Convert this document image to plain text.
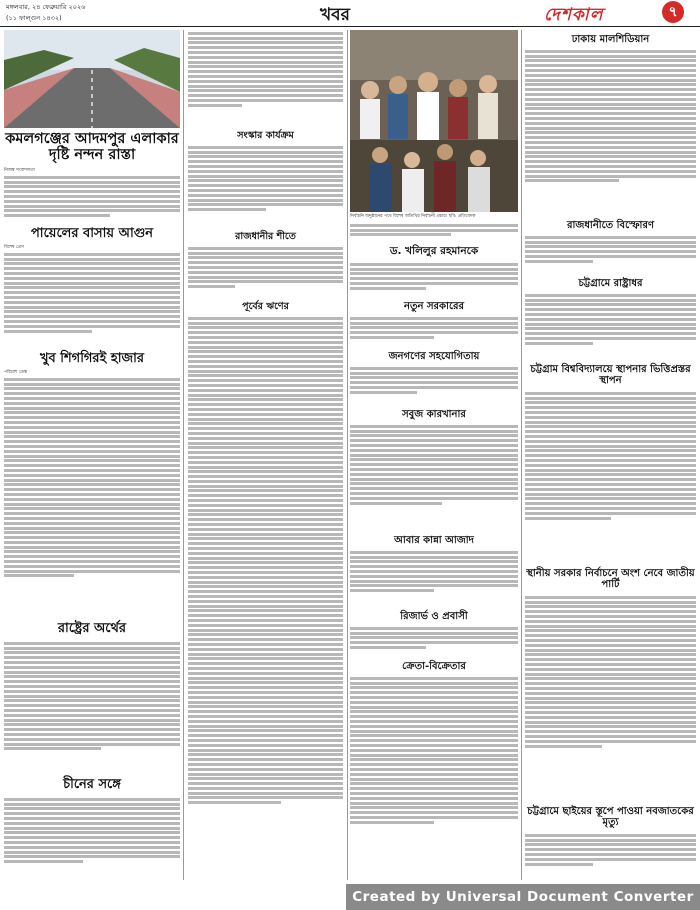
মঙ্গলবার, ২৪ ফেব্রুয়ারি ২০২৬
(১১ ফাল্গুন ১৪৩২)	খবর	দেশকাল	৭
কমলগঞ্জের আদমপুর এলাকার দৃষ্টি নন্দন রাস্তা
নিজস্ব সংবাদদাতা
পায়েলের বাসায় আগুন
বিশেষ প্রেস
খুব শিগগিরই হাজার
পরিবেশ ডেস্ক
রাষ্ট্রের অর্থের
চীনের সঙ্গে
সংস্কার কার্যক্রম
রাজধানীর শীতে
পূর্বের ঋণের
নির্বাচনি অনুষ্ঠানের পথে বিশেষ অতিথির নির্বাচনী প্রচার। ছবি: প্রতিবেদক
ড. খলিলুর রহমানকে
নতুন সরকারের
জনগণের সহযোগিতায়
সবুজ কারখানার
আবার কান্না আজাদ
রিজার্ভ ও প্রবাসী
ক্রেতা-বিক্রেতার
ঢাকায় মালশিডিয়ান
রাজধানীতে বিস্ফোরণ
চট্টগ্রামে রাষ্ট্রাধর
চট্টগ্রাম বিশ্ববিদ্যালয়ে স্থাপনার ভিত্তিপ্রস্তর স্থাপন
স্থানীয় সরকার নির্বাচনে অংশ নেবে জাতীয় পার্টি
চট্টগ্রামে ছাইয়ের স্তূপে পাওয়া নবজাতকের মৃত্যু
Created by Universal Document Converter
